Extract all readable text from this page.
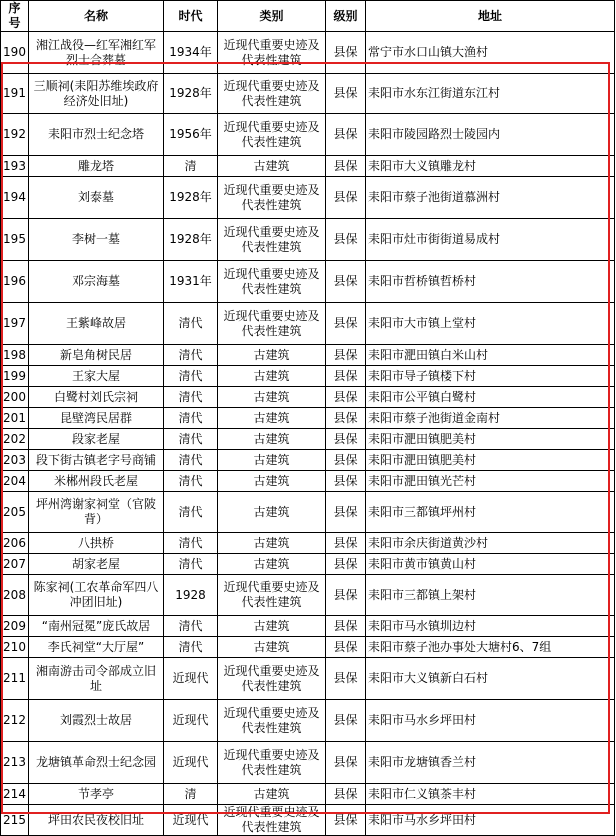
序号	名称	时代	类别	级别	地址
190	湘江战役—红军湘红军烈士合葬墓	1934年	近现代重要史迹及代表性建筑	县保	常宁市水口山镇大渔村
191	三顺祠(耒阳苏维埃政府经济处旧址)	1928年	近现代重要史迹及代表性建筑	县保	耒阳市水东江街道东江村
192	耒阳市烈士纪念塔	1956年	近现代重要史迹及代表性建筑	县保	耒阳市陵园路烈士陵园内
193	雕龙塔	清	古建筑	县保	耒阳市大义镇雕龙村
194	刘泰墓	1928年	近现代重要史迹及代表性建筑	县保	耒阳市蔡子池街道慕洲村
195	李树一墓	1928年	近现代重要史迹及代表性建筑	县保	耒阳市灶市街街道易成村
196	邓宗海墓	1931年	近现代重要史迹及代表性建筑	县保	耒阳市哲桥镇哲桥村
197	王紫峰故居	清代	近现代重要史迹及代表性建筑	县保	耒阳市大市镇上堂村
198	新皂角树民居	清代	古建筑	县保	耒阳市淝田镇白米山村
199	王家大屋	清代	古建筑	县保	耒阳市导子镇楼下村
200	白鹭村刘氏宗祠	清代	古建筑	县保	耒阳市公平镇白鹭村
201	昆壁湾民居群	清代	古建筑	县保	耒阳市蔡子池街道金南村
202	段家老屋	清代	古建筑	县保	耒阳市淝田镇肥美村
203	段下街古镇老字号商铺	清代	古建筑	县保	耒阳市淝田镇肥美村
204	米郴州段氏老屋	清代	古建筑	县保	耒阳市淝田镇光芒村
205	坪州湾谢家祠堂（官陂背）	清代	古建筑	县保	耒阳市三都镇坪州村
206	八拱桥	清代	古建筑	县保	耒阳市余庆街道黄沙村
207	胡家老屋	清代	古建筑	县保	耒阳市黄市镇黄山村
208	陈家祠(工农革命军四八冲团旧址)	1928	近现代重要史迹及代表性建筑	县保	耒阳市三都镇上架村
209	“南州冠冕”庞氏故居	清代	古建筑	县保	耒阳市马水镇圳边村
210	李氏祠堂“大厅屋”	清代	古建筑	县保	耒阳市蔡子池办事处大塘村6、7组
211	湘南游击司令部成立旧址	近现代	近现代重要史迹及代表性建筑	县保	耒阳市大义镇新白石村
212	刘霞烈士故居	近现代	近现代重要史迹及代表性建筑	县保	耒阳市马水乡坪田村
213	龙塘镇革命烈士纪念园	近现代	近现代重要史迹及代表性建筑	县保	耒阳市龙塘镇香兰村
214	节孝亭	清	古建筑	县保	耒阳市仁义镇茶丰村
215	坪田农民夜校旧址	近现代	近现代重要史迹及代表性建筑	县保	耒阳市马水乡坪田村
